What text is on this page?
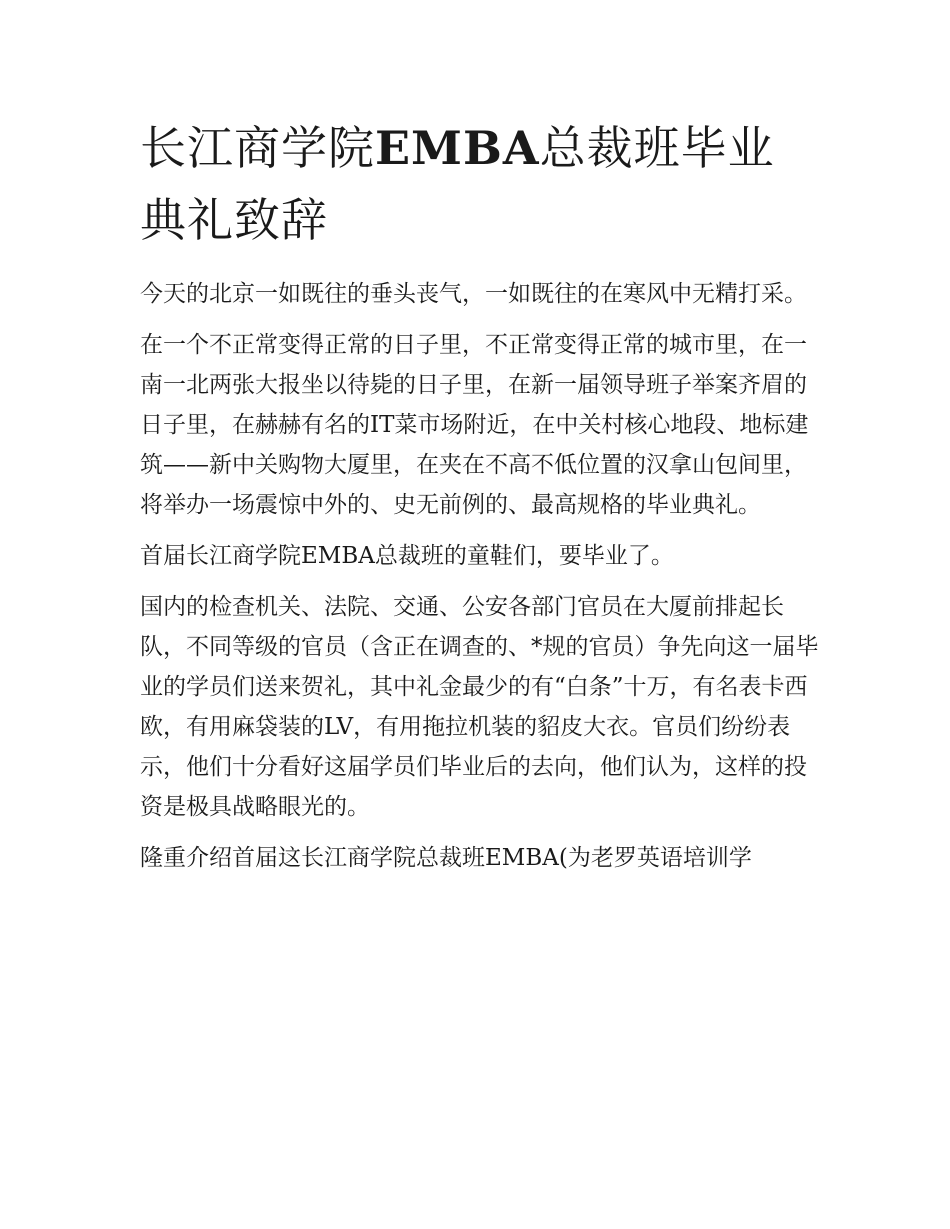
长江商学院EMBA总裁班毕业典礼致辞

今天的北京一如既往的垂头丧气，一如既往的在寒风中无精打采。

在一个不正常变得正常的日子里，不正常变得正常的城市里，在一南一北两张大报坐以待毙的日子里，在新一届领导班子举案齐眉的日子里，在赫赫有名的IT菜市场附近，在中关村核心地段、地标建筑——新中关购物大厦里，在夹在不高不低位置的汉拿山包间里，将举办一场震惊中外的、史无前例的、最高规格的毕业典礼。

首届长江商学院EMBA总裁班的童鞋们，要毕业了。

国内的检查机关、法院、交通、公安各部门官员在大厦前排起长队，不同等级的官员（含正在调查的、*规的官员）争先向这一届毕业的学员们送来贺礼，其中礼金最少的有“白条”十万，有名表卡西欧，有用麻袋装的LV，有用拖拉机装的貂皮大衣。官员们纷纷表示，他们十分看好这届学员们毕业后的去向，他们认为，这样的投资是极具战略眼光的。

隆重介绍首届这长江商学院总裁班EMBA(为老罗英语培训学
